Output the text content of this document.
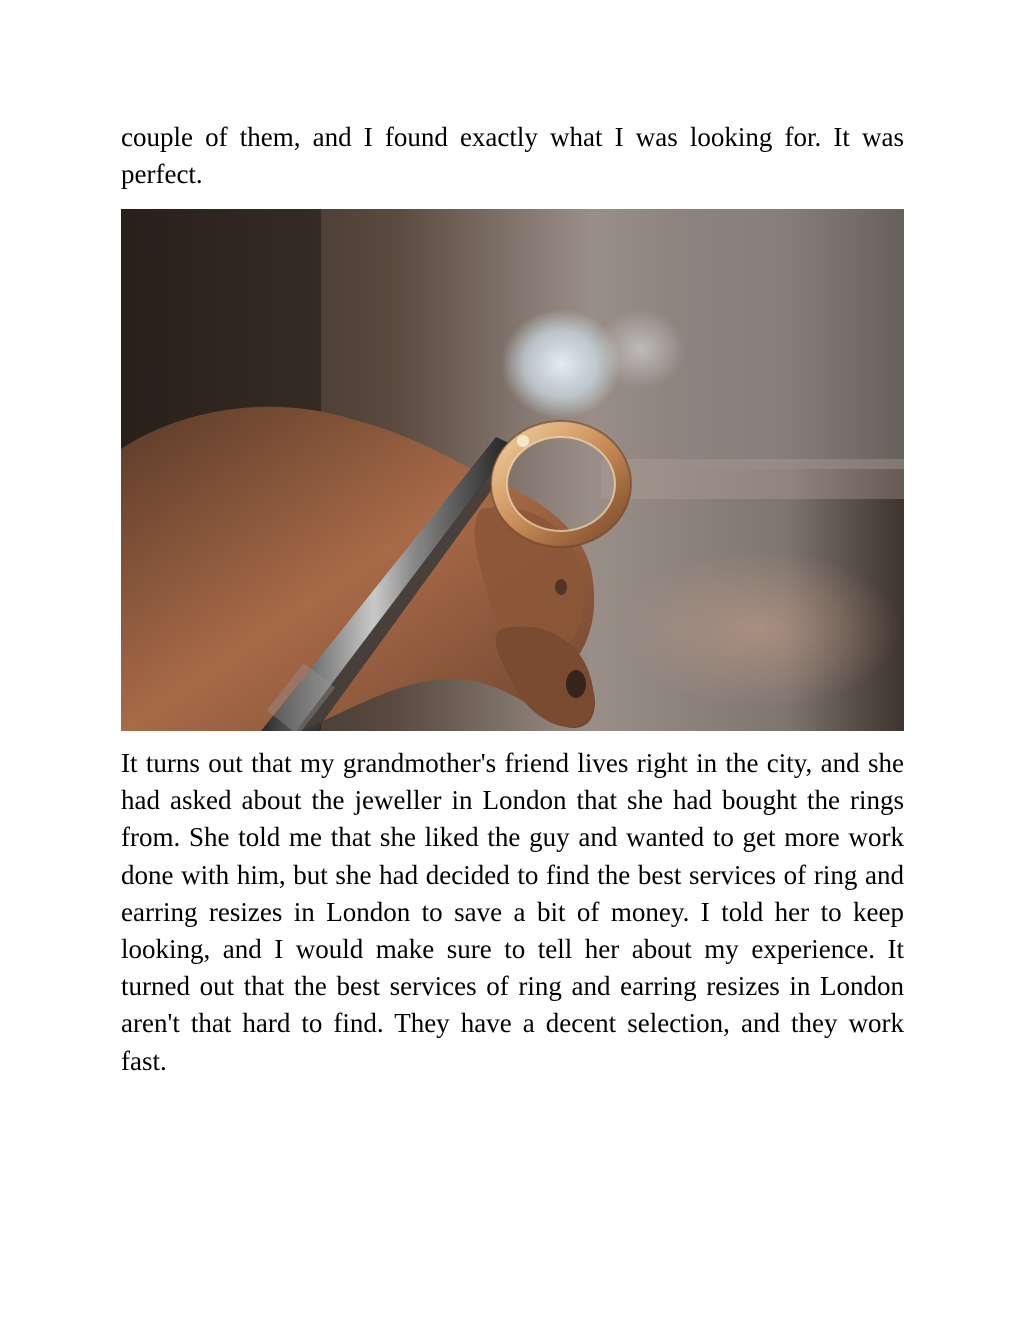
couple of them, and I found exactly what I was looking for. It was perfect.

It turns out that my grandmother's friend lives right in the city, and she had asked about the jeweller in London that she had bought the rings from. She told me that she liked the guy and wanted to get more work done with him, but she had decided to find the best services of ring and earring resizes in London to save a bit of money. I told her to keep looking, and I would make sure to tell her about my experience. It turned out that the best services of ring and earring resizes in London aren't that hard to find. They have a decent selection, and they work fast.
